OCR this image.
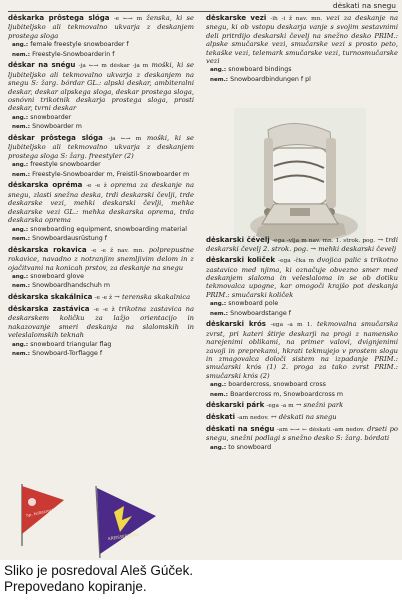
dėskati na snegu

dėskarka prôstega slóga -e ←→ m ženska, ki se ljubiteljsko ali tekmovalno ukvarja z deskanjem prostega sloga

ang.: female freestyle snowboarder f

nem.: Freestyle-Snowboarderin f

dėskar na snégu -ja ←→ m dėskar -ja m moški, ki se ljubiteljsko ali tekmovalno ukvarja z deskanjem na snegu S: žarg. bórdar GL.: alpski deskar, ambiteralni deskar, deskar alpskega sloga, deskar prostega sloga, osnóvni trikotnik deskarja prostega sloga, prosti deskar, tvrni deskar

ang.: snowboarder

nem.: Snowboarder m

dėskar prôstega slóga -ja ←→ m moški, ki se ljubiteljsko ali tekmovalno ukvarja z deskanjem prostega sloga S: žarg. freestyler (2)

ang.: freestyle snowboarder

nem.: Freestyle-Snowboarder m, Freistil-Snowboarder m

dėskarska opréma -e -e ž oprema za deskanje na snegu, zlasti snežna deska, trdi deskarski čevlji, trde deskarske vezi, mehki deskarski čevlji, mehke deskarske vezi GL.: mehka deskarska oprema, trda deskarska oprema

ang.: snowboarding equipment, snowboarding material

nem.: Snowboardausrüstung f

dėskarska rokavica -e -e ž nav. mn. polprepustne rokavice, navadno z notranjim snemljivim delom in z ojačitvami na konicah prstov, za deskanje na snegu

ang.: snowboard glove

nem.: Snowboardhandschuh m

dėskarska skakálnica -e -e ž → terenska skakalnica

dėskarska zastávica -e -e ž trikotna zastavica na deskarskem količku za lažjo orientacijo in nakazovanje smeri deskanja na slalomskih in veleslalomskih teknah

ang.: snowboard triangular flag

nem.: Snowboard-Torflagge f

dėskarske vezi -ih -i ž nav. mn. vezi za deskanje na snegu, ki ob vstopu deskarja vanje s svojim sestavnimi deli pritrdijo deskarski čevelj na snežno desko PRIM.: alpske smučarske vezi, smučarske vezi s prosto peto, tekaške vezi, telemark smučarske vezi, turnosmučarske vezi

ang.: snowboard bindings

nem.: Snowboardbindungen f pl

dėskarski čévelj -ega -vlja m nav. mn. 1. strok. pog. → trdi deskarski čevelj 2. strok. pog. → mehki deskarski čevelj

dėskarski količek -ega -čka m dvojica palic s trikotno zastavico med njima, ki označuje obvezno smer med deskanjem slaloma in veleslaloma in se ob dotiku tekmovalca upogne, kar omogoči krajšo pot deskanja PRIM.: smučarski količek

ang.: snowboard pole

nem.: Snowboardstange f

dėskarski krós -ega -a m 1. tekmovalna smučarska zvrst, pri kateri štirje deskarji na progi z namensko narejenimi oblikami, na primer valovi, dvignjenimi zavoji in preprekami, hkrati tekmujejo v prostem slogu in zmagovalca določi sistem na izpadanje PRIM.: smučarski krós (1) 2. proga za tako zvrst PRIM.: smučarski krós (2)

ang.: boardercross, snowboard cross

nem.: Boardercross m, Snowboardcross m

dėskarski párk -ega -a m → snežni park

dėskati -am nedov. ↔ dėskati na snegu

dėskati na snégu -am ←→ ← dėskati -am nedov. drseti po snegu, snežni podlagi s snežno desko S: žarg. bórdati

ang.: to snowboard

hp. holtecrock
KREISSERBERG

Sliko je posredoval Aleš Gúček.

Prepovedano kopiranje.
